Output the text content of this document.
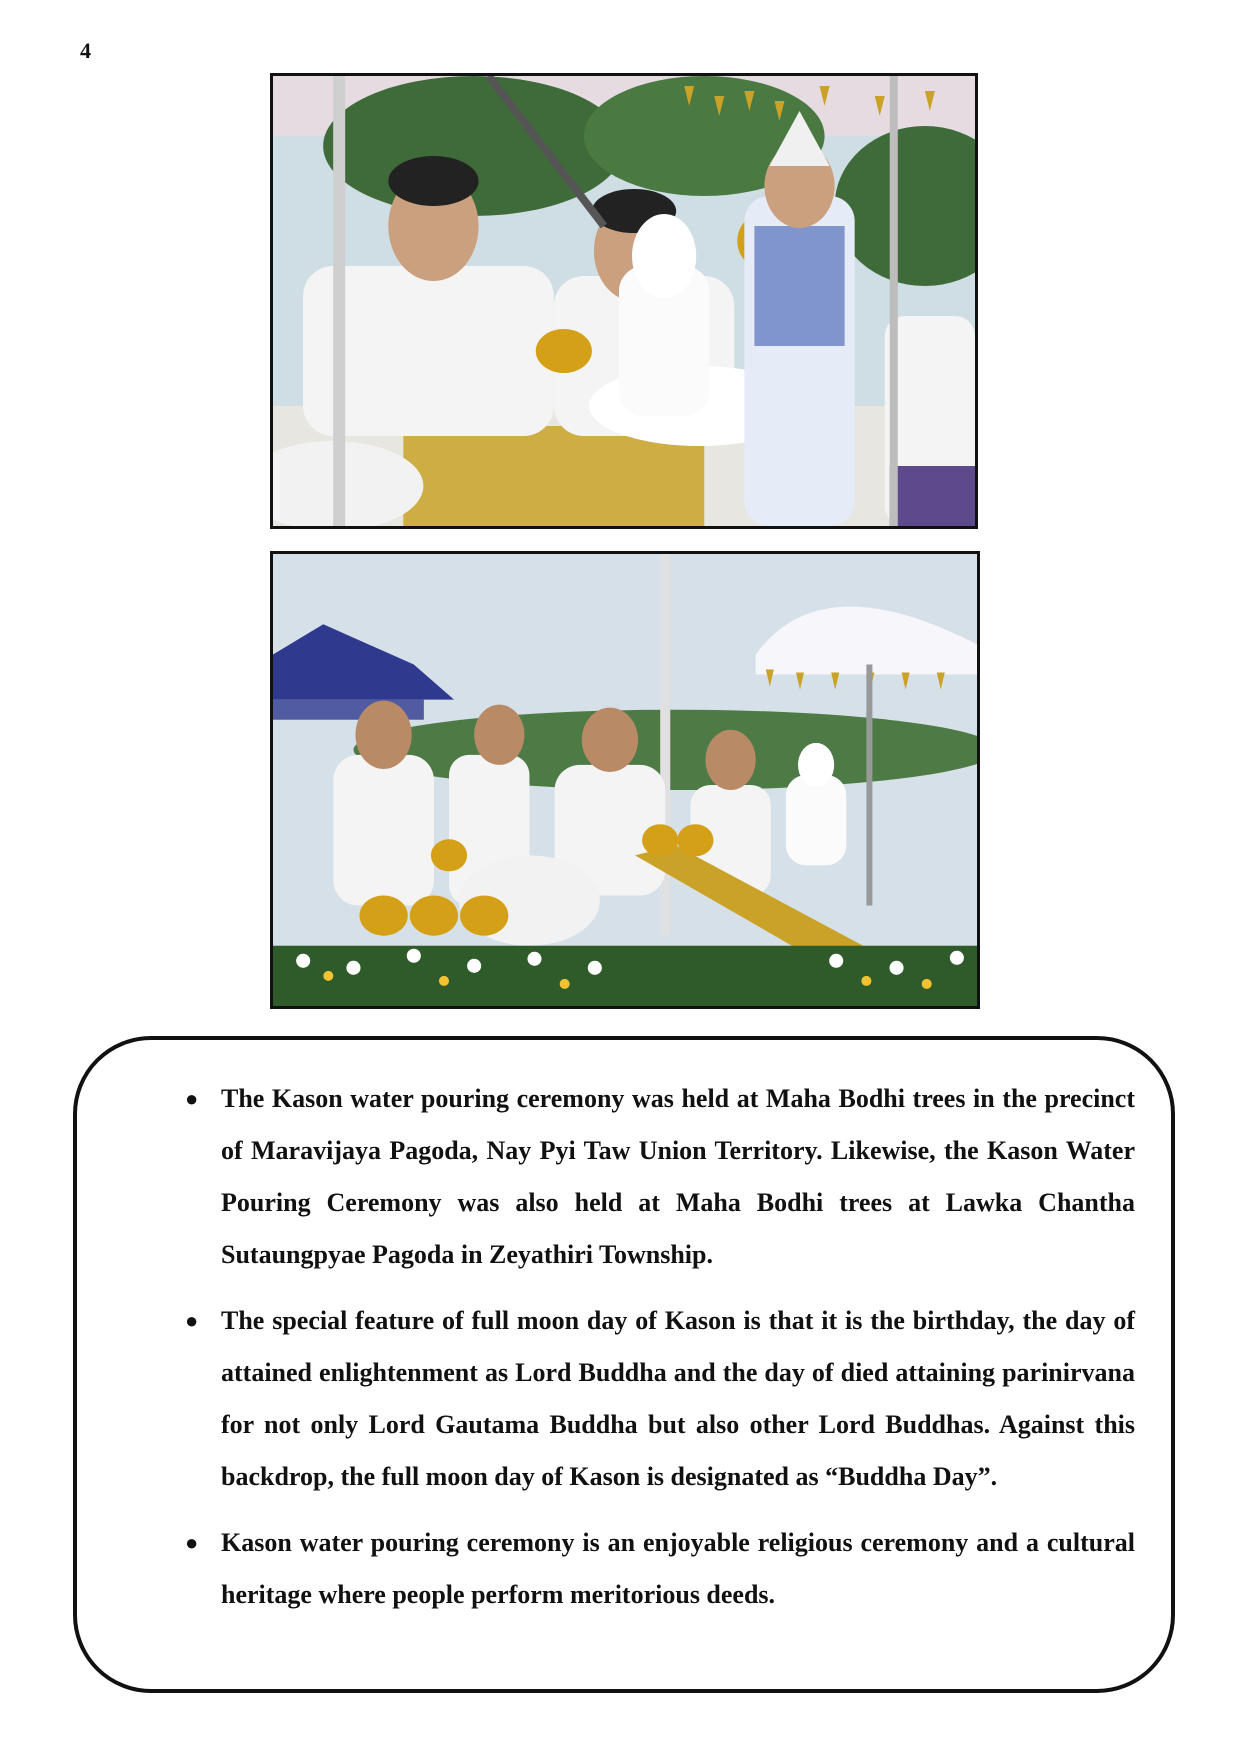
4
● The Kason water pouring ceremony was held at Maha Bodhi trees in the precinct of Maravijaya Pagoda, Nay Pyi Taw Union Territory. Likewise, the Kason Water Pouring Ceremony was also held at Maha Bodhi trees at Lawka Chantha Sutaungpyae Pagoda in Zeyathiri Township.
● The special feature of full moon day of Kason is that it is the birthday, the day of attained enlightenment as Lord Buddha and the day of died attaining parinirvana for not only Lord Gautama Buddha but also other Lord Buddhas. Against this backdrop, the full moon day of Kason is designated as “Buddha Day”.
● Kason water pouring ceremony is an enjoyable religious ceremony and a cultural heritage where people perform meritorious deeds.
